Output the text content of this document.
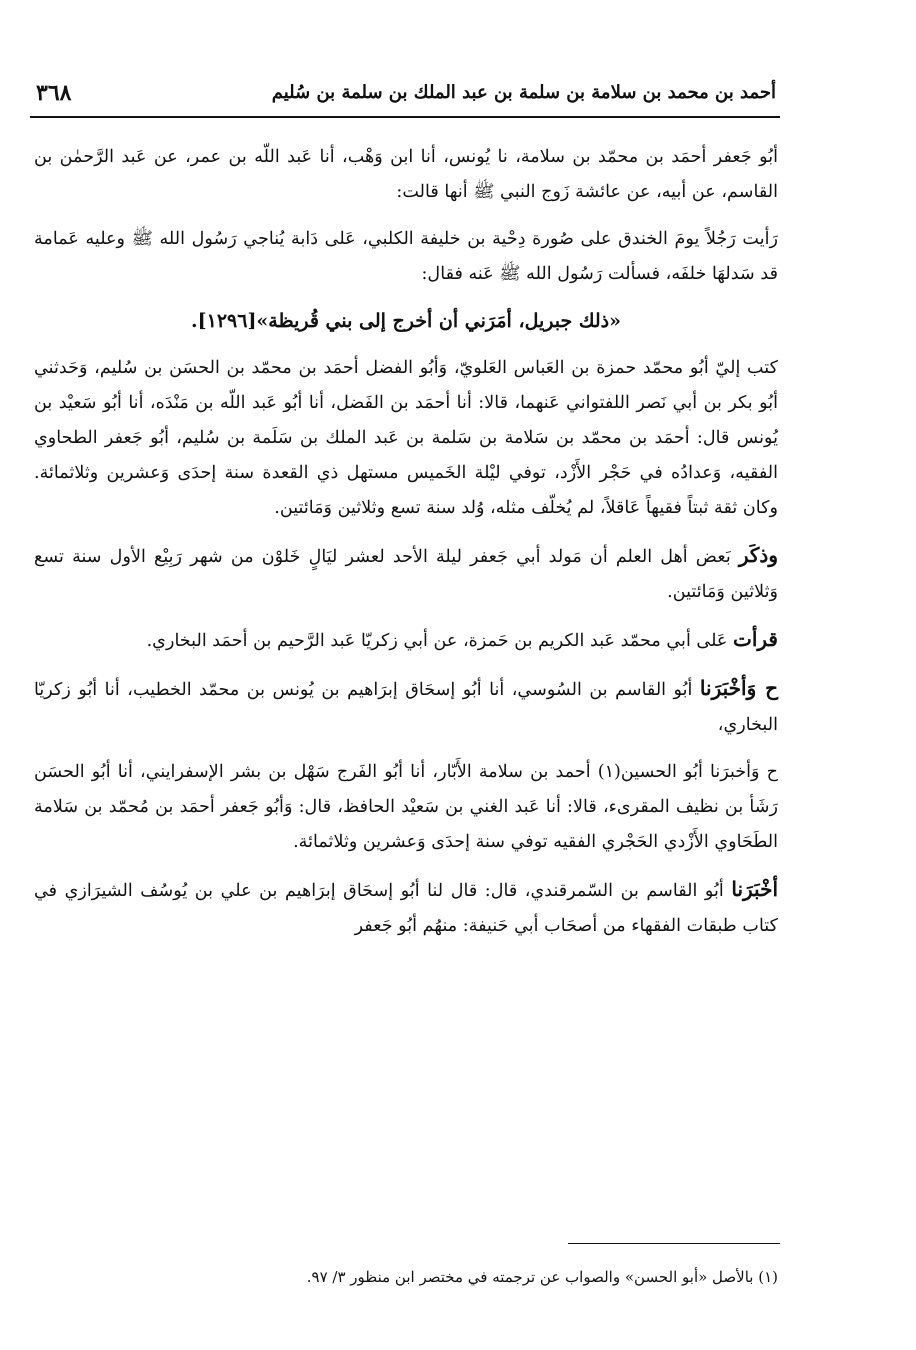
٣٦٨	أحمد بن محمد بن سلامة بن سلمة بن عبد الملك بن سلمة بن سُليم

أبُو جَعفر أحمَد بن محمّد بن سلامة، نا يُونس، أنا ابن وَهْب، أنا عَبد اللّه بن عمر، عن عَبد الرَّحمٰن بن القاسم، عن أبيه، عن عائشة زَوج النبي ﷺ أنها قالت:

رَأيت رَجُلاً يومَ الخندق على صُورة دِحْية بن خليفة الكلبي، عَلى دَابة يُناجي رَسُول الله ﷺ وعليه عَمامة قد سَدلهَا خلفَه، فسألت رَسُول الله ﷺ عَنه فقال:

«ذلك جبريل، أمَرَني أن أخرج إلى بني قُريظة»[١٢٩٦].

كتب إليّ أبُو محمّد حمزة بن العَباس العَلويّ، وَأبُو الفضل أحمَد بن محمّد بن الحسَن بن سُليم، وَحَدثني أبُو بكر بن أبي نَصر اللفتواني عَنهما، قالا: أنا أحمَد بن الفَضل، أنا أبُو عَبد اللّه بن مَنْدَه، أنا أبُو سَعيْد بن يُونس قال: أحمَد بن محمّد بن سَلامة بن سَلمة بن عَبد الملك بن سَلَمة بن سُليم، أبُو جَعفر الطحاوي الفقيه، وَعدادُه في حَجْر الأَزْد، توفي ليْلة الخَميس مستهل ذي القعدة سنة إحدَى وَعشرين وثلاثمائة. وكان ثقة ثبتاً فقيهاً عَاقلاً، لم يُخلّف مثله، وُلد سنة تسع وثلاثين وَمَائتين.

وذكَر بَعض أهل العلم أن مَولد أبي جَعفر ليلة الأحد لعشر ليَالٍ خَلوْن من شهر رَبِيْع الأول سنة تسع وَثلاثين وَمَائتين.

قرأت عَلى أبي محمّد عَبد الكريم بن حَمزة، عن أبي زكريّا عَبد الرَّحيم بن أحمَد البخاري.

ح وَأخْبَرَنا أبُو القاسم بن السُوسي، أنا أبُو إسحَاق إبرَاهيم بن يُونس بن محمّد الخطيب، أنا أبُو زكريّا البخاري،

ح وَأخبرَنا أبُو الحسين(١) أحمد بن سلامة الأَبّار، أنا أبُو الفَرج سَهْل بن بشر الإسفرايني، أنا أبُو الحسَن رَشَأ بن نظيف المقرىء، قالا: أنا عَبد الغني بن سَعيْد الحافظ، قال: وَأبُو جَعفر أحمَد بن مُحمّد بن سَلامة الطَحَاوي الأَزْدي الحَجْري الفقيه توفي سنة إحدَى وَعشرين وثلاثمائة.

أخْبَرَنا أبُو القاسم بن السّمرقندي، قال: قال لنا أبُو إسحَاق إبرَاهيم بن علي بن يُوسُف الشيرَازي في كتاب طبقات الفقهاء من أصحَاب أبي حَنيفة: منهُم أبُو جَعفر

(١) بالأصل «أبو الحسن» والصواب عن ترجمته في مختصر ابن منظور ٣/ ٩٧.
